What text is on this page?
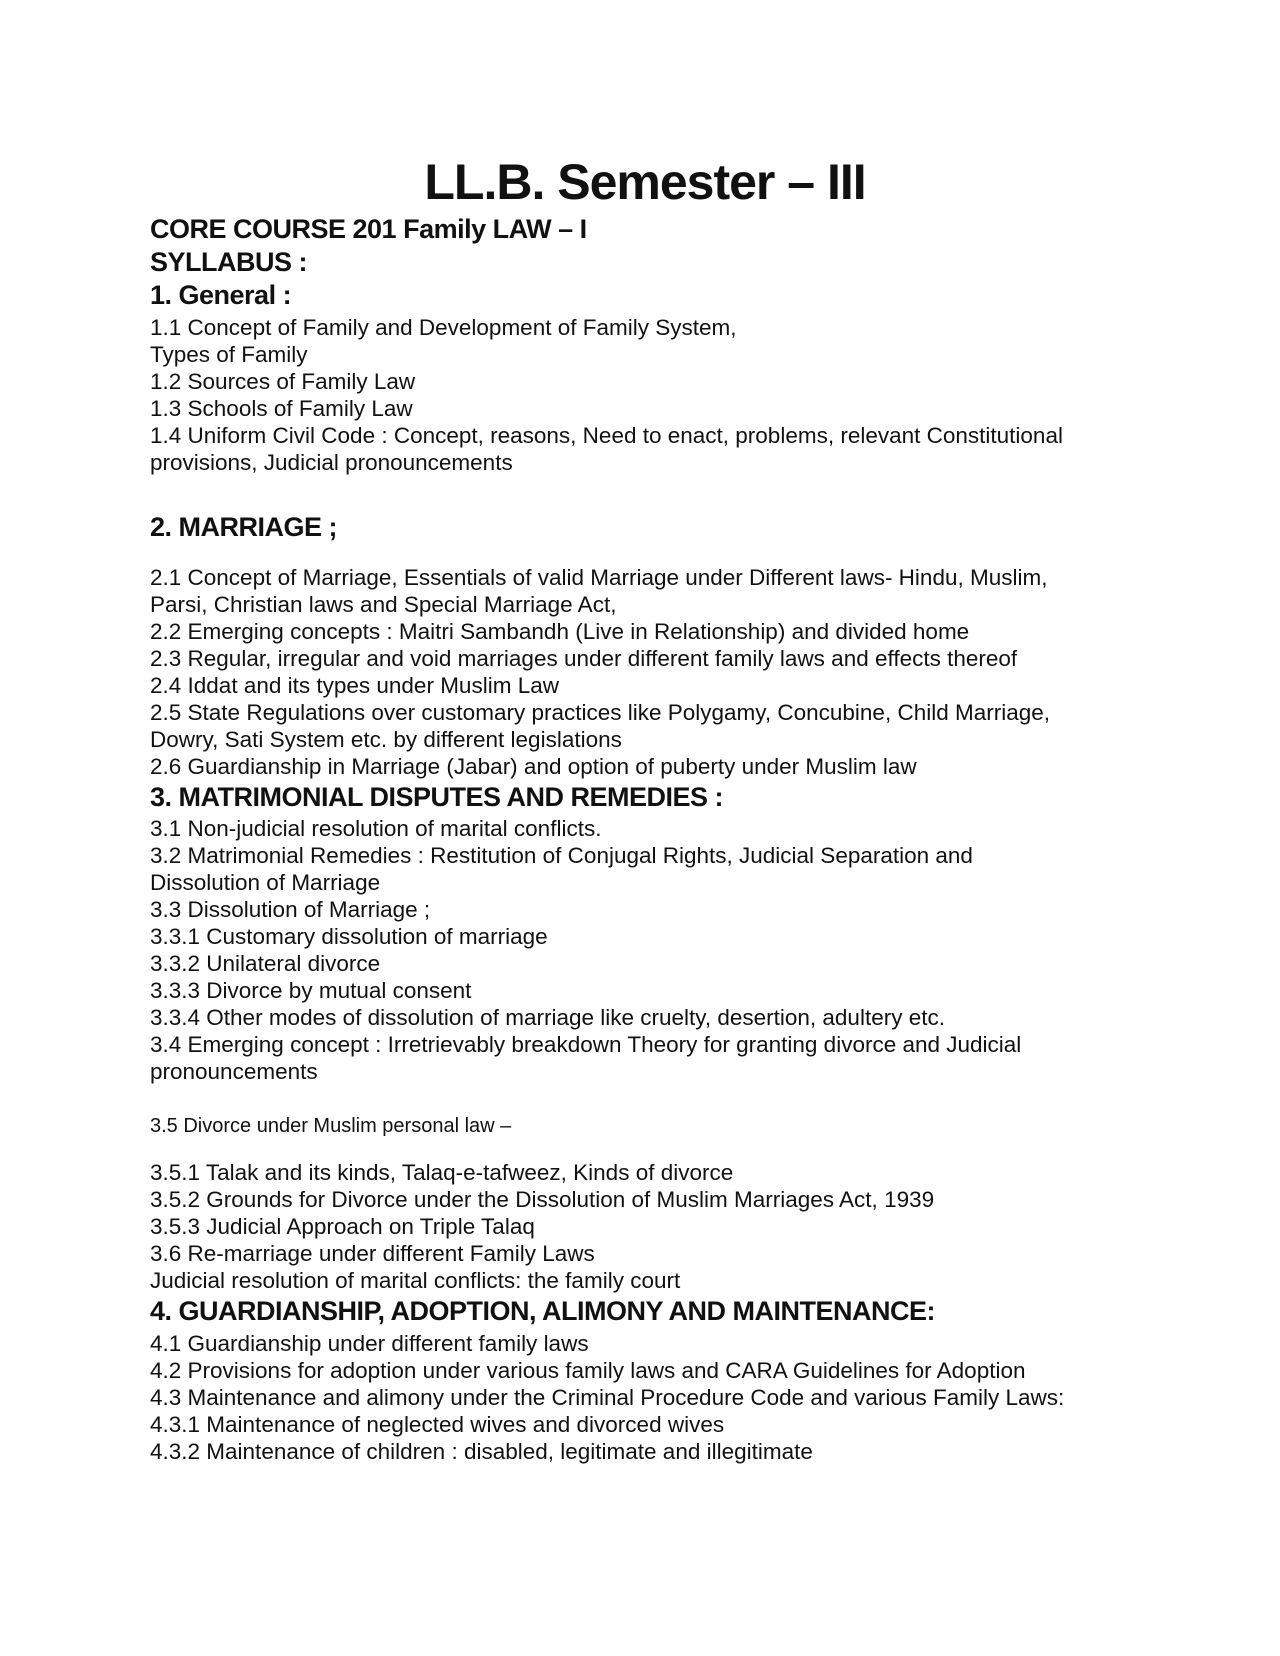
LL.B. Semester – III
CORE COURSE 201 Family LAW – I
SYLLABUS :
1. General :
1.1 Concept of Family and Development of Family System,
Types of Family
1.2 Sources of Family Law
1.3 Schools of Family Law
1.4 Uniform Civil Code : Concept, reasons, Need to enact, problems, relevant Constitutional
provisions, Judicial pronouncements
2. MARRIAGE ;
2.1 Concept of Marriage, Essentials of valid Marriage under Different laws- Hindu, Muslim,
Parsi, Christian laws and Special Marriage Act,
2.2 Emerging concepts : Maitri Sambandh (Live in Relationship) and divided home
2.3 Regular, irregular and void marriages under different family laws and effects thereof
2.4 Iddat and its types under Muslim Law
2.5 State Regulations over customary practices like Polygamy, Concubine, Child Marriage,
Dowry, Sati System etc. by different legislations
2.6 Guardianship in Marriage (Jabar) and option of puberty under Muslim law
3. MATRIMONIAL DISPUTES AND REMEDIES :
3.1 Non-judicial resolution of marital conflicts.
3.2 Matrimonial Remedies : Restitution of Conjugal Rights, Judicial Separation and
Dissolution of Marriage
3.3 Dissolution of Marriage ;
3.3.1 Customary dissolution of marriage
3.3.2 Unilateral divorce
3.3.3 Divorce by mutual consent
3.3.4 Other modes of dissolution of marriage like cruelty, desertion, adultery etc.
3.4 Emerging concept : Irretrievably breakdown Theory for granting divorce and Judicial
pronouncements
3.5 Divorce under Muslim personal law –
3.5.1 Talak and its kinds, Talaq-e-tafweez, Kinds of divorce
3.5.2 Grounds for Divorce under the Dissolution of Muslim Marriages Act, 1939
3.5.3 Judicial Approach on Triple Talaq
3.6 Re-marriage under different Family Laws
Judicial resolution of marital conflicts: the family court
4. GUARDIANSHIP, ADOPTION, ALIMONY AND MAINTENANCE:
4.1 Guardianship under different family laws
4.2 Provisions for adoption under various family laws and CARA Guidelines for Adoption
4.3 Maintenance and alimony under the Criminal Procedure Code and various Family Laws:
4.3.1 Maintenance of neglected wives and divorced wives
4.3.2 Maintenance of children : disabled, legitimate and illegitimate
